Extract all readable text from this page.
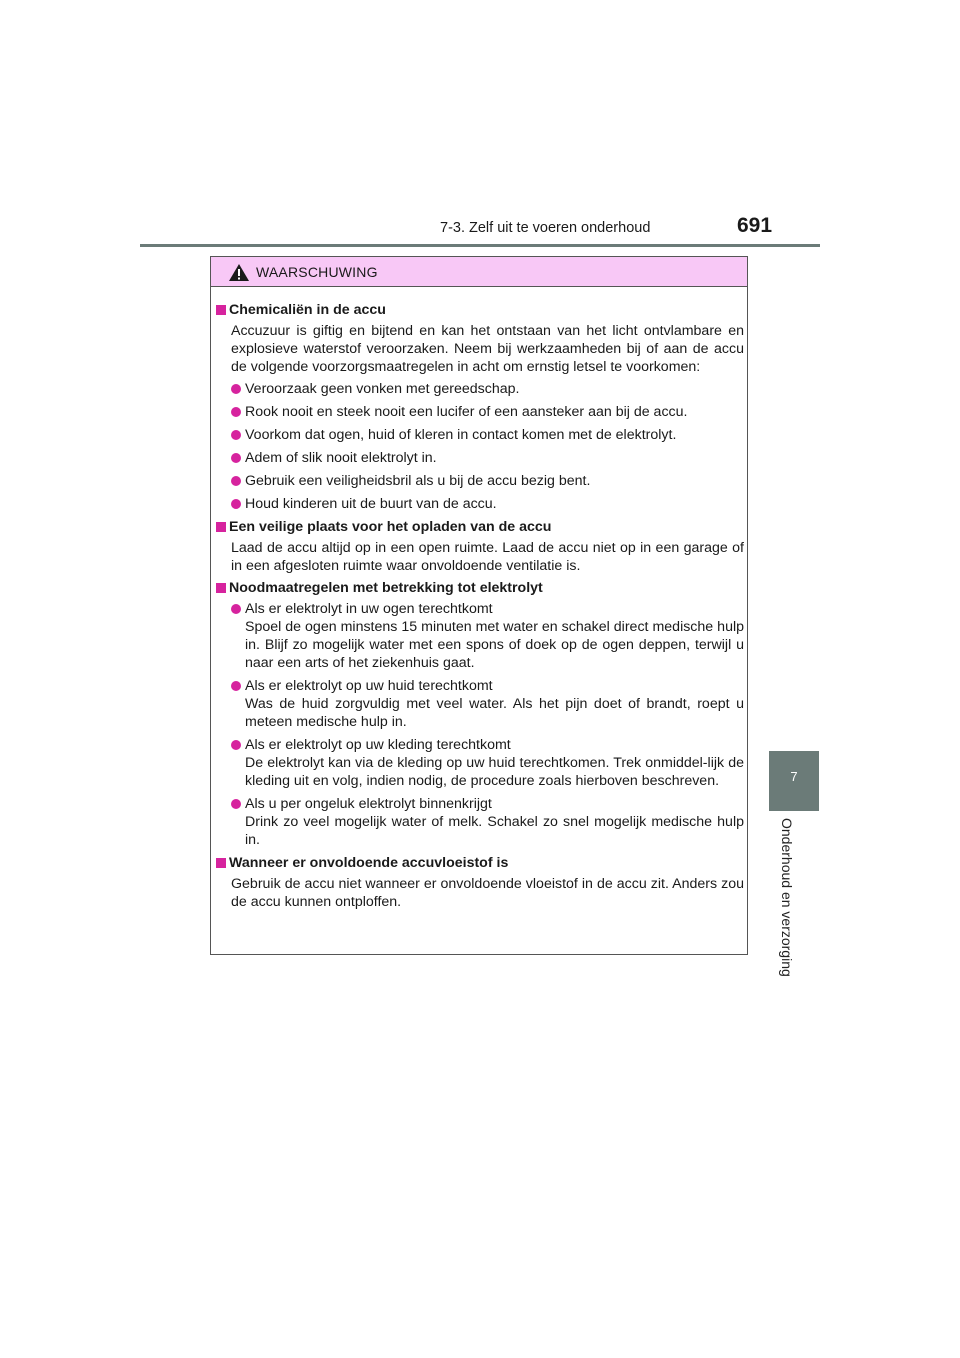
7-3. Zelf uit te voeren onderhoud	691
7
Onderhoud en verzorging
WAARSCHUWING
Chemicaliën in de accu
Accuzuur is giftig en bijtend en kan het ontstaan van het licht ontvlambare en explosieve waterstof veroorzaken. Neem bij werkzaamheden bij of aan de accu de volgende voorzorgsmaatregelen in acht om ernstig letsel te voorkomen:
Veroorzaak geen vonken met gereedschap.
Rook nooit en steek nooit een lucifer of een aansteker aan bij de accu.
Voorkom dat ogen, huid of kleren in contact komen met de elektrolyt.
Adem of slik nooit elektrolyt in.
Gebruik een veiligheidsbril als u bij de accu bezig bent.
Houd kinderen uit de buurt van de accu.
Een veilige plaats voor het opladen van de accu
Laad de accu altijd op in een open ruimte. Laad de accu niet op in een garage of in een afgesloten ruimte waar onvoldoende ventilatie is.
Noodmaatregelen met betrekking tot elektrolyt
Als er elektrolyt in uw ogen terechtkomt
Spoel de ogen minstens 15 minuten met water en schakel direct medische hulp in. Blijf zo mogelijk water met een spons of doek op de ogen deppen, terwijl u naar een arts of het ziekenhuis gaat.
Als er elektrolyt op uw huid terechtkomt
Was de huid zorgvuldig met veel water. Als het pijn doet of brandt, roept u meteen medische hulp in.
Als er elektrolyt op uw kleding terechtkomt
De elektrolyt kan via de kleding op uw huid terechtkomen. Trek onmiddel-lijk de kleding uit en volg, indien nodig, de procedure zoals hierboven beschreven.
Als u per ongeluk elektrolyt binnenkrijgt
Drink zo veel mogelijk water of melk. Schakel zo snel mogelijk medische hulp in.
Wanneer er onvoldoende accuvloeistof is
Gebruik de accu niet wanneer er onvoldoende vloeistof in de accu zit. Anders zou de accu kunnen ontploffen.
